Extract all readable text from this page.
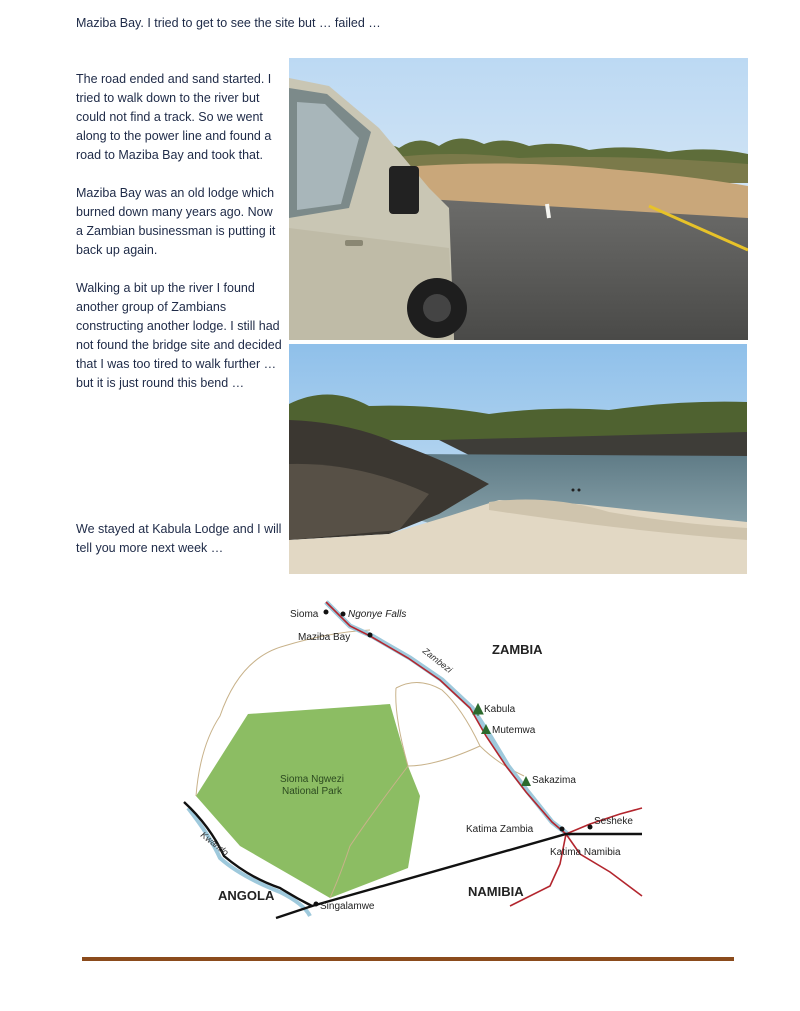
Maziba Bay. I tried to get to see the site but … failed …

The road ended and sand started. I tried to walk down to the river but could not find a track. So we went along to the power line and found a road to Maziba Bay and took that.

Maziba Bay was an old lodge which burned down many years ago. Now a Zambian businessman is putting it back up again.

Walking a bit up the river I found another group of Zambians constructing another lodge. I still had not found the bridge site and decided that I was too tired to walk further … but it is just round this bend …

We stayed at Kabula Lodge and I will tell you more next week …
ZAMBIA
ANGOLA	NAMIBIA
Sioma Ngwezi
National Park
Sioma	Ngonye Falls
Maziba Bay
Zambezi
Kabula
Mutemwa
Sakazima
Katima Zambia
Sesheke
Katima Namibia
Singalamwe
Kwando
